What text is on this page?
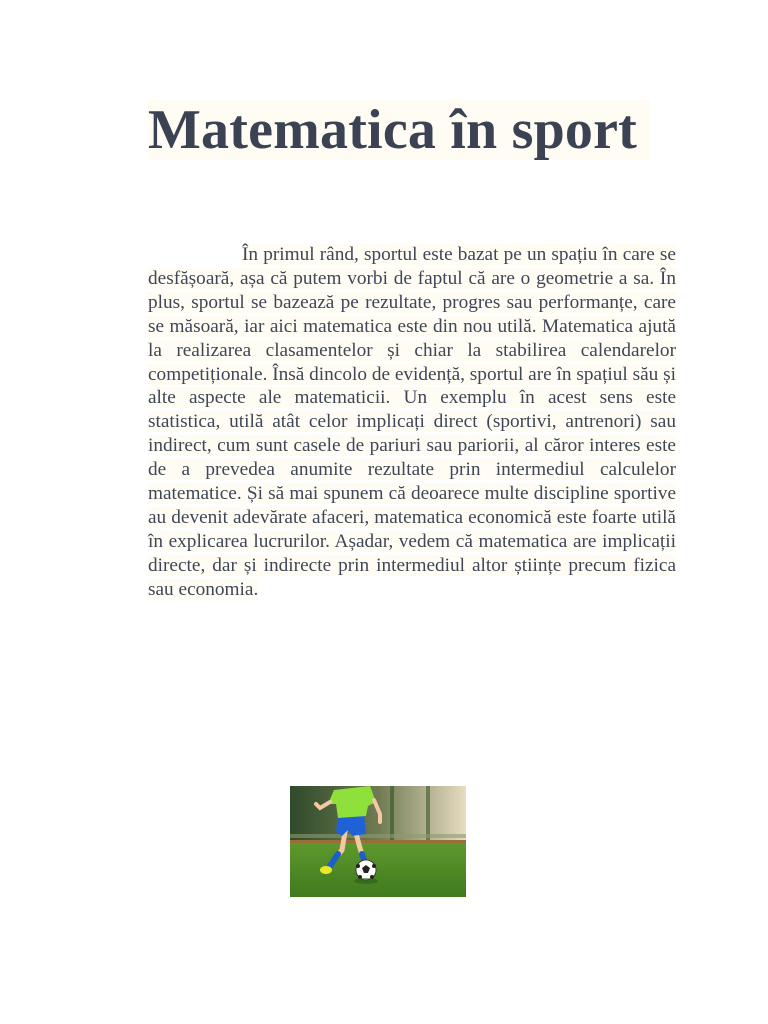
Matematica în sport

În primul rând, sportul este bazat pe un spațiu în care se desfășoară, așa că putem vorbi de faptul că are o geometrie a sa. În plus, sportul se bazează pe rezultate, progres sau performanțe, care se măsoară, iar aici matematica este din nou utilă. Matematica ajută la realizarea clasamentelor și chiar la stabilirea calendarelor competiționale. Însă dincolo de evidență, sportul are în spațiul său și alte aspecte ale matematicii. Un exemplu în acest sens este statistica, utilă atât celor implicați direct (sportivi, antrenori) sau indirect, cum sunt casele de pariuri sau pariorii, al căror interes este de a prevedea anumite rezultate prin intermediul calculelor matematice. Și să mai spunem că deoarece multe discipline sportive au devenit adevărate afaceri, matematica economică este foarte utilă în explicarea lucrurilor. Așadar, vedem că matematica are implicații directe, dar și indirecte prin intermediul altor științe precum fizica sau economia.
